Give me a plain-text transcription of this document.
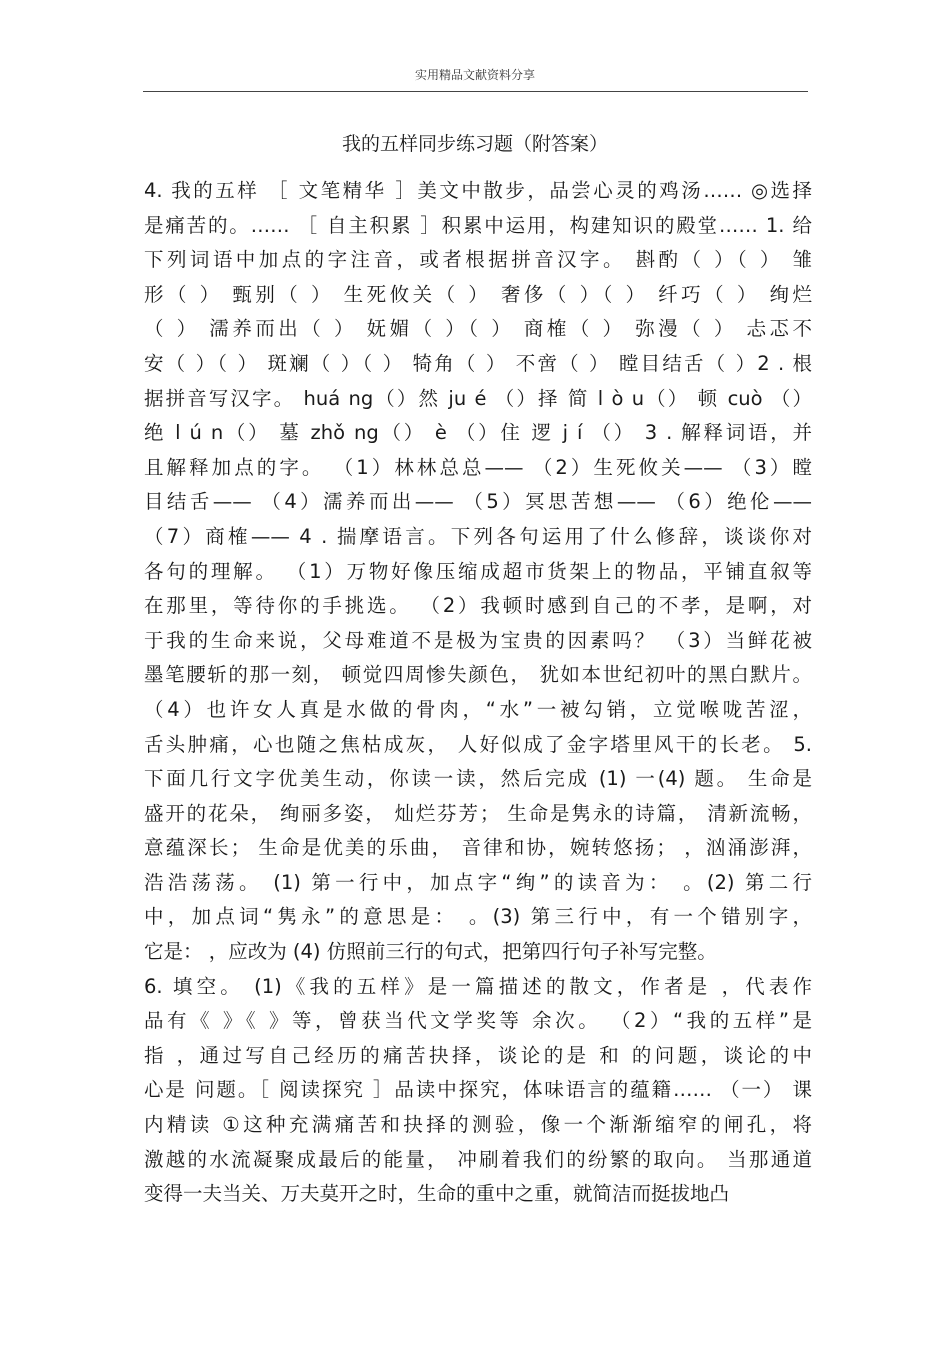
实用精品文献资料分享
我的五样同步练习题（附答案）
4. 我的五样 ［ 文笔精华 ］美文中散步，品尝心灵的鸡汤…… ◎选择
是痛苦的。…… ［ 自主积累 ］积累中运用，构建知识的殿堂…… 1. 给
下列词语中加点的字注音，或者根据拼音汉字。 斟酌（ ）（ ） 雏
形（ ） 甄别（ ） 生死攸关（ ） 奢侈（ ）（ ） 纤巧（ ） 绚烂
（ ） 濡养而出（ ） 妩媚（ ）（ ） 商榷（ ） 弥漫（ ） 忐忑不
安（ ）（ ） 斑斓（ ）（ ） 犄角（ ） 不啻（ ） 瞠目结舌（ ）2 . 根
据拼音写汉字。 huá ng（）然 ju é （）择 简 l ò u（） 顿 cuò （）
绝 l ú n（） 墓 zhǒ ng（） è （）住 逻 j í （） 3 . 解释词语，并
且解释加点的字。 （1）林林总总—— （2）生死攸关—— （3）瞠
目结舌—— （4）濡养而出—— （5）冥思苦想—— （6）绝伦——
（7）商榷—— 4 . 揣摩语言。下列各句运用了什么修辞，谈谈你对
各句的理解。 （1）万物好像压缩成超市货架上的物品，平铺直叙等
在那里，等待你的手挑选。 （2）我顿时感到自己的不孝，是啊，对
于我的生命来说，父母难道不是极为宝贵的因素吗？ （3）当鲜花被
墨笔腰斩的那一刻， 顿觉四周惨失颜色， 犹如本世纪初叶的黑白默片。
（4）也许女人真是水做的骨肉，“水”一被勾销，立觉喉咙苦涩，
舌头肿痛，心也随之焦枯成灰， 人好似成了金字塔里风干的长老。 5.
下面几行文字优美生动，你读一读，然后完成 (1) 一(4) 题。 生命是
盛开的花朵， 绚丽多姿， 灿烂芬芳； 生命是隽永的诗篇， 清新流畅，
意蕴深长； 生命是优美的乐曲， 音律和协，婉转悠扬； ，汹涌澎湃，
浩浩荡荡。 (1) 第一行中，加点字“绚”的读音为： 。(2) 第二行
中，加点词“隽永”的意思是： 。(3) 第三行中，有一个错别字，
它是： ，应改为 (4) 仿照前三行的句式，把第四行句子补写完整。
6. 填空。 (1)《我的五样》是一篇描述的散文，作者是 ，代表作
品有《 》《 》等，曾获当代文学奖等 余次。 （2）“我的五样”是
指 ，通过写自己经历的痛苦抉择，谈论的是 和 的问题，谈论的中
心是 问题。［ 阅读探究 ］品读中探究，体味语言的蕴籍…… （一） 课
内精读 ①这种充满痛苦和抉择的测验，像一个渐渐缩窄的闸孔，将
激越的水流凝聚成最后的能量， 冲刷着我们的纷繁的取向。 当那通道
变得一夫当关、万夫莫开之时，生命的重中之重，就简洁而挺拔地凸
